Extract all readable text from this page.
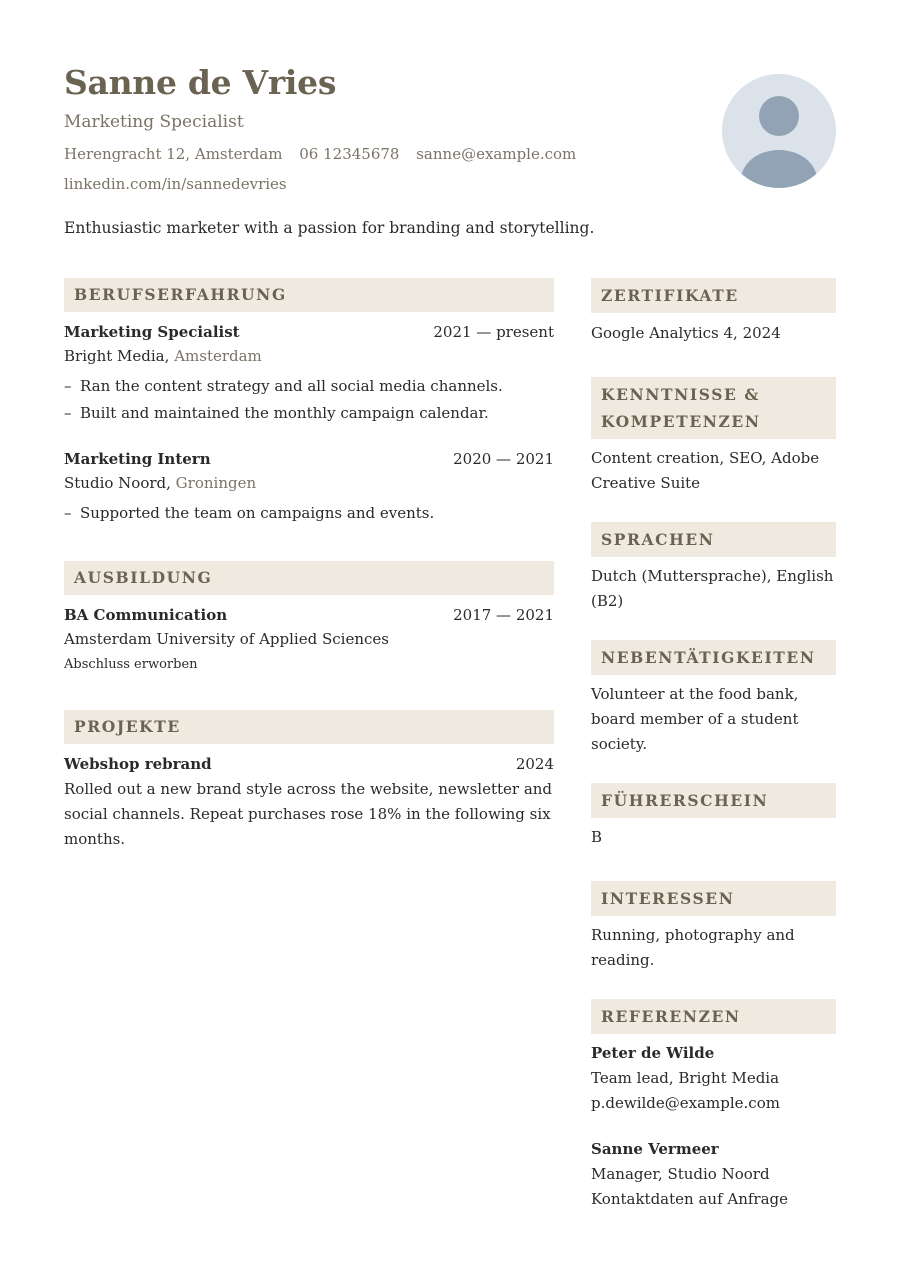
Sanne de Vries
Marketing Specialist
Herengracht 12, Amsterdam 06 12345678 sanne@example.com
linkedin.com/in/sannedevries
Enthusiastic marketer with a passion for branding and storytelling.
BERUFSERFAHRUNG
Marketing Specialist	2021 — present
Bright Media, Amsterdam
– Ran the content strategy and all social media channels.
– Built and maintained the monthly campaign calendar.
Marketing Intern	2020 — 2021
Studio Noord, Groningen
– Supported the team on campaigns and events.
AUSBILDUNG
BA Communication	2017 — 2021
Amsterdam University of Applied Sciences
Abschluss erworben
PROJEKTE
Webshop rebrand	2024
Rolled out a new brand style across the website, newsletter and social channels. Repeat purchases rose 18% in the following six months.
ZERTIFIKATE
Google Analytics 4, 2024
KENNTNISSE & KOMPETENZEN
Content creation, SEO, Adobe Creative Suite
SPRACHEN
Dutch (Muttersprache), English (B2)
NEBENTÄTIGKEITEN
Volunteer at the food bank, board member of a student society.
FÜHRERSCHEIN
B
INTERESSEN
Running, photography and reading.
REFERENZEN
Peter de Wilde
Team lead, Bright Media
p.dewilde@example.com
Sanne Vermeer
Manager, Studio Noord
Kontaktdaten auf Anfrage
